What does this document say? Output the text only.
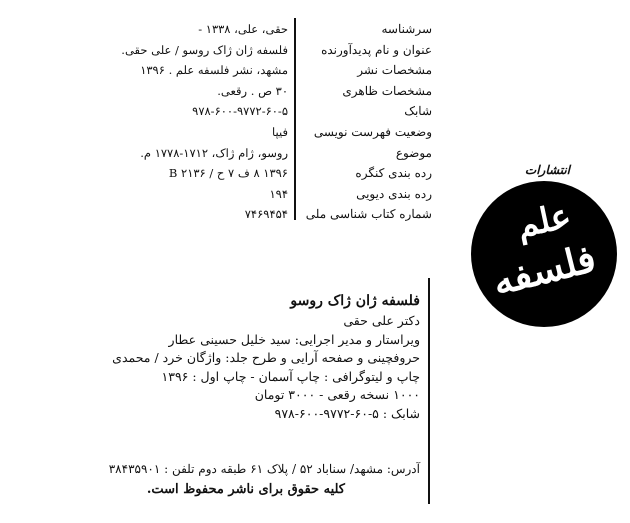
حقی، علی، ۱۳۳۸ -
فلسفه ژان ژاک روسو / علی حقی.
مشهد، نشر فلسفه علم . ۱۳۹۶
۳۰ ص . رقعی.
۹۷۸-۶۰۰-۹۷۷۲-۶۰-۵
فیپا
روسو، ژام ژاک، ۱۷۱۲-۱۷۷۸ م.
۱۳۹۶ ۸ ف ۷ ح / B ۲۱۳۶
۱۹۴
۷۴۶۹۴۵۴
سرشناسه
عنوان و نام پدیدآورنده
مشخصات نشر
مشخصات ظاهری
شابک
وضعیت فهرست نویسی
موضوع
رده بندی کنگره
رده بندی دیویی
شماره کتاب شناسی ملی
انتشارات
علم
فلسفه
فلسفه ژان ژاک روسو
دکتر علی حقی
ویراستار و مدیر اجرایی: سید خلیل حسینی عطار
حروفچینی و صفحه آرایی و طرح جلد: واژگان خرد / محمدی
چاپ و لیتوگرافی : چاپ آسمان - چاپ اول : ۱۳۹۶
۱۰۰۰ نسخه رقعی - ۳۰۰۰ تومان
شابک : ۵-۶۰-۹۷۷۲-۶۰۰-۹۷۸
آدرس: مشهد/ سناباد ۵۲ / پلاک ۶۱ طبقه دوم تلفن : ۳۸۴۳۵۹۰۱
کلیه حقوق برای ناشر محفوظ است.
